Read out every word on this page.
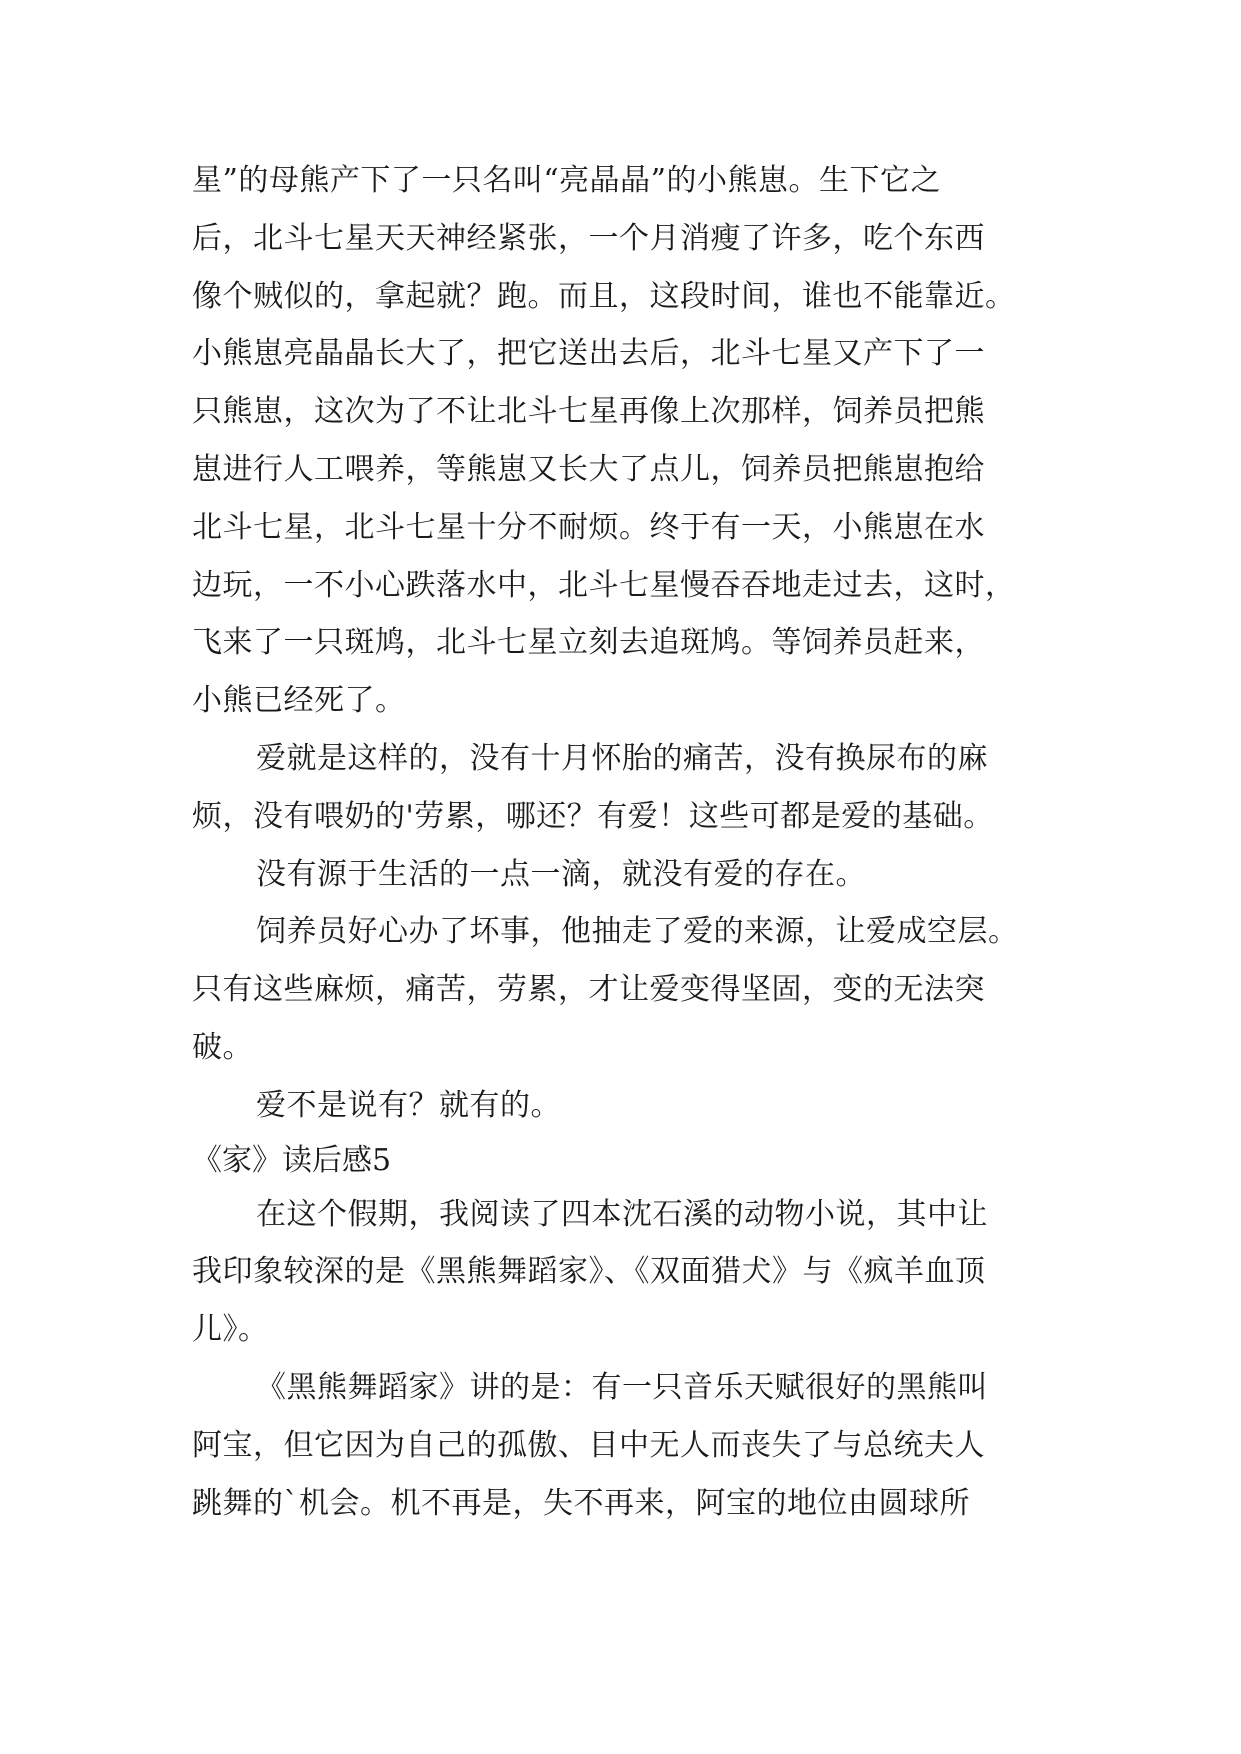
星”的母熊产下了一只名叫“亮晶晶”的小熊崽。生下它之
后，北斗七星天天神经紧张，一个月消瘦了许多，吃个东西
像个贼似的，拿起就？跑。而且，这段时间，谁也不能靠近。
小熊崽亮晶晶长大了，把它送出去后，北斗七星又产下了一
只熊崽，这次为了不让北斗七星再像上次那样，饲养员把熊
崽进行人工喂养，等熊崽又长大了点儿，饲养员把熊崽抱给
北斗七星，北斗七星十分不耐烦。终于有一天，小熊崽在水
边玩，一不小心跌落水中，北斗七星慢吞吞地走过去，这时，
飞来了一只斑鸠，北斗七星立刻去追斑鸠。等饲养员赶来，
小熊已经死了。
爱就是这样的，没有十月怀胎的痛苦，没有换尿布的麻
烦，没有喂奶的'劳累，哪还？有爱！这些可都是爱的基础。
没有源于生活的一点一滴，就没有爱的存在。
饲养员好心办了坏事，他抽走了爱的来源，让爱成空层。
只有这些麻烦，痛苦，劳累，才让爱变得坚固，变的无法突
破。
爱不是说有？就有的。
《家》读后感5
在这个假期，我阅读了四本沈石溪的动物小说，其中让
我印象较深的是《黑熊舞蹈家》、《双面猎犬》与《疯羊血顶
儿》。
《黑熊舞蹈家》讲的是：有一只音乐天赋很好的黑熊叫
阿宝，但它因为自己的孤傲、目中无人而丧失了与总统夫人
跳舞的`机会。机不再是，失不再来，阿宝的地位由圆球所
